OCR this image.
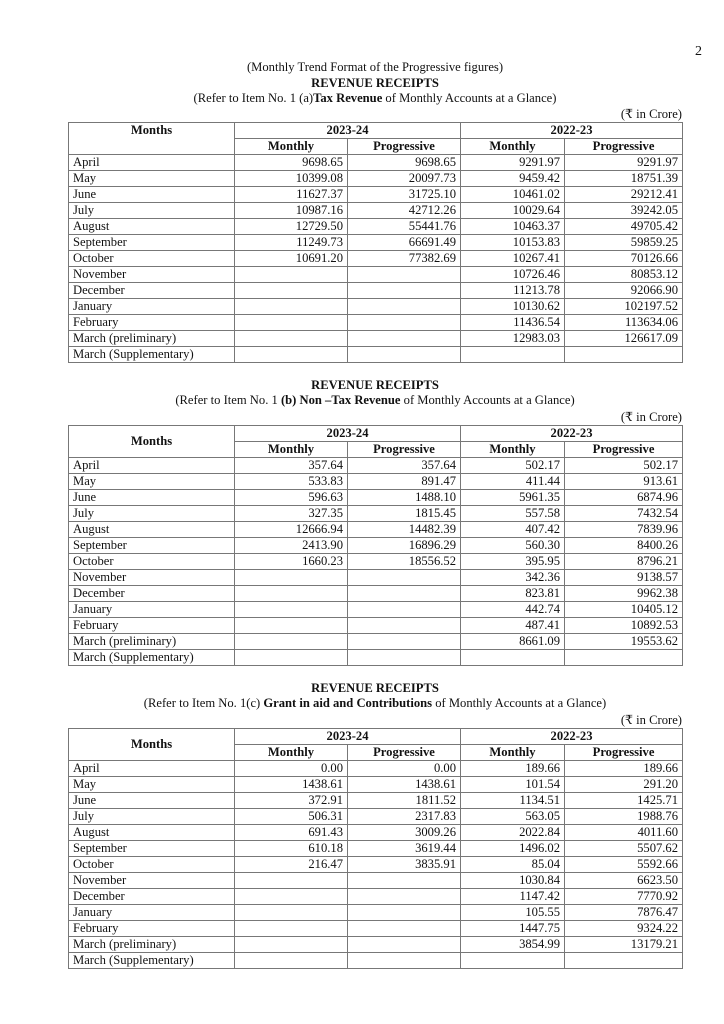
2
(Monthly Trend Format of the Progressive figures)
REVENUE RECEIPTS
(Refer to Item No. 1 (a)Tax Revenue of Monthly Accounts at a Glance)
(₹ in Crore)
Months	2023-24		2022-23	
	Monthly	Progressive	Monthly	Progressive
April	9698.65	9698.65	9291.97	9291.97
May	10399.08	20097.73	9459.42	18751.39
June	11627.37	31725.10	10461.02	29212.41
July	10987.16	42712.26	10029.64	39242.05
August	12729.50	55441.76	10463.37	49705.42
September	11249.73	66691.49	10153.83	59859.25
October	10691.20	77382.69	10267.41	70126.66
November			10726.46	80853.12
December			11213.78	92066.90
January			10130.62	102197.52
February			11436.54	113634.06
March (preliminary)			12983.03	126617.09
March (Supplementary)				
REVENUE RECEIPTS
(Refer to Item No. 1 (b) Non –Tax Revenue of Monthly Accounts at a Glance)
(₹ in Crore)
Months	2023-24		2022-23	
	Monthly	Progressive	Monthly	Progressive
April	357.64	357.64	502.17	502.17
May	533.83	891.47	411.44	913.61
June	596.63	1488.10	5961.35	6874.96
July	327.35	1815.45	557.58	7432.54
August	12666.94	14482.39	407.42	7839.96
September	2413.90	16896.29	560.30	8400.26
October	1660.23	18556.52	395.95	8796.21
November			342.36	9138.57
December			823.81	9962.38
January			442.74	10405.12
February			487.41	10892.53
March (preliminary)			8661.09	19553.62
March (Supplementary)				
REVENUE RECEIPTS
(Refer to Item No. 1(c) Grant in aid and Contributions of Monthly Accounts at a Glance)
(₹ in Crore)
Months	2023-24		2022-23	
	Monthly	Progressive	Monthly	Progressive
April	0.00	0.00	189.66	189.66
May	1438.61	1438.61	101.54	291.20
June	372.91	1811.52	1134.51	1425.71
July	506.31	2317.83	563.05	1988.76
August	691.43	3009.26	2022.84	4011.60
September	610.18	3619.44	1496.02	5507.62
October	216.47	3835.91	85.04	5592.66
November			1030.84	6623.50
December			1147.42	7770.92
January			105.55	7876.47
February			1447.75	9324.22
March (preliminary)			3854.99	13179.21
March (Supplementary)				
